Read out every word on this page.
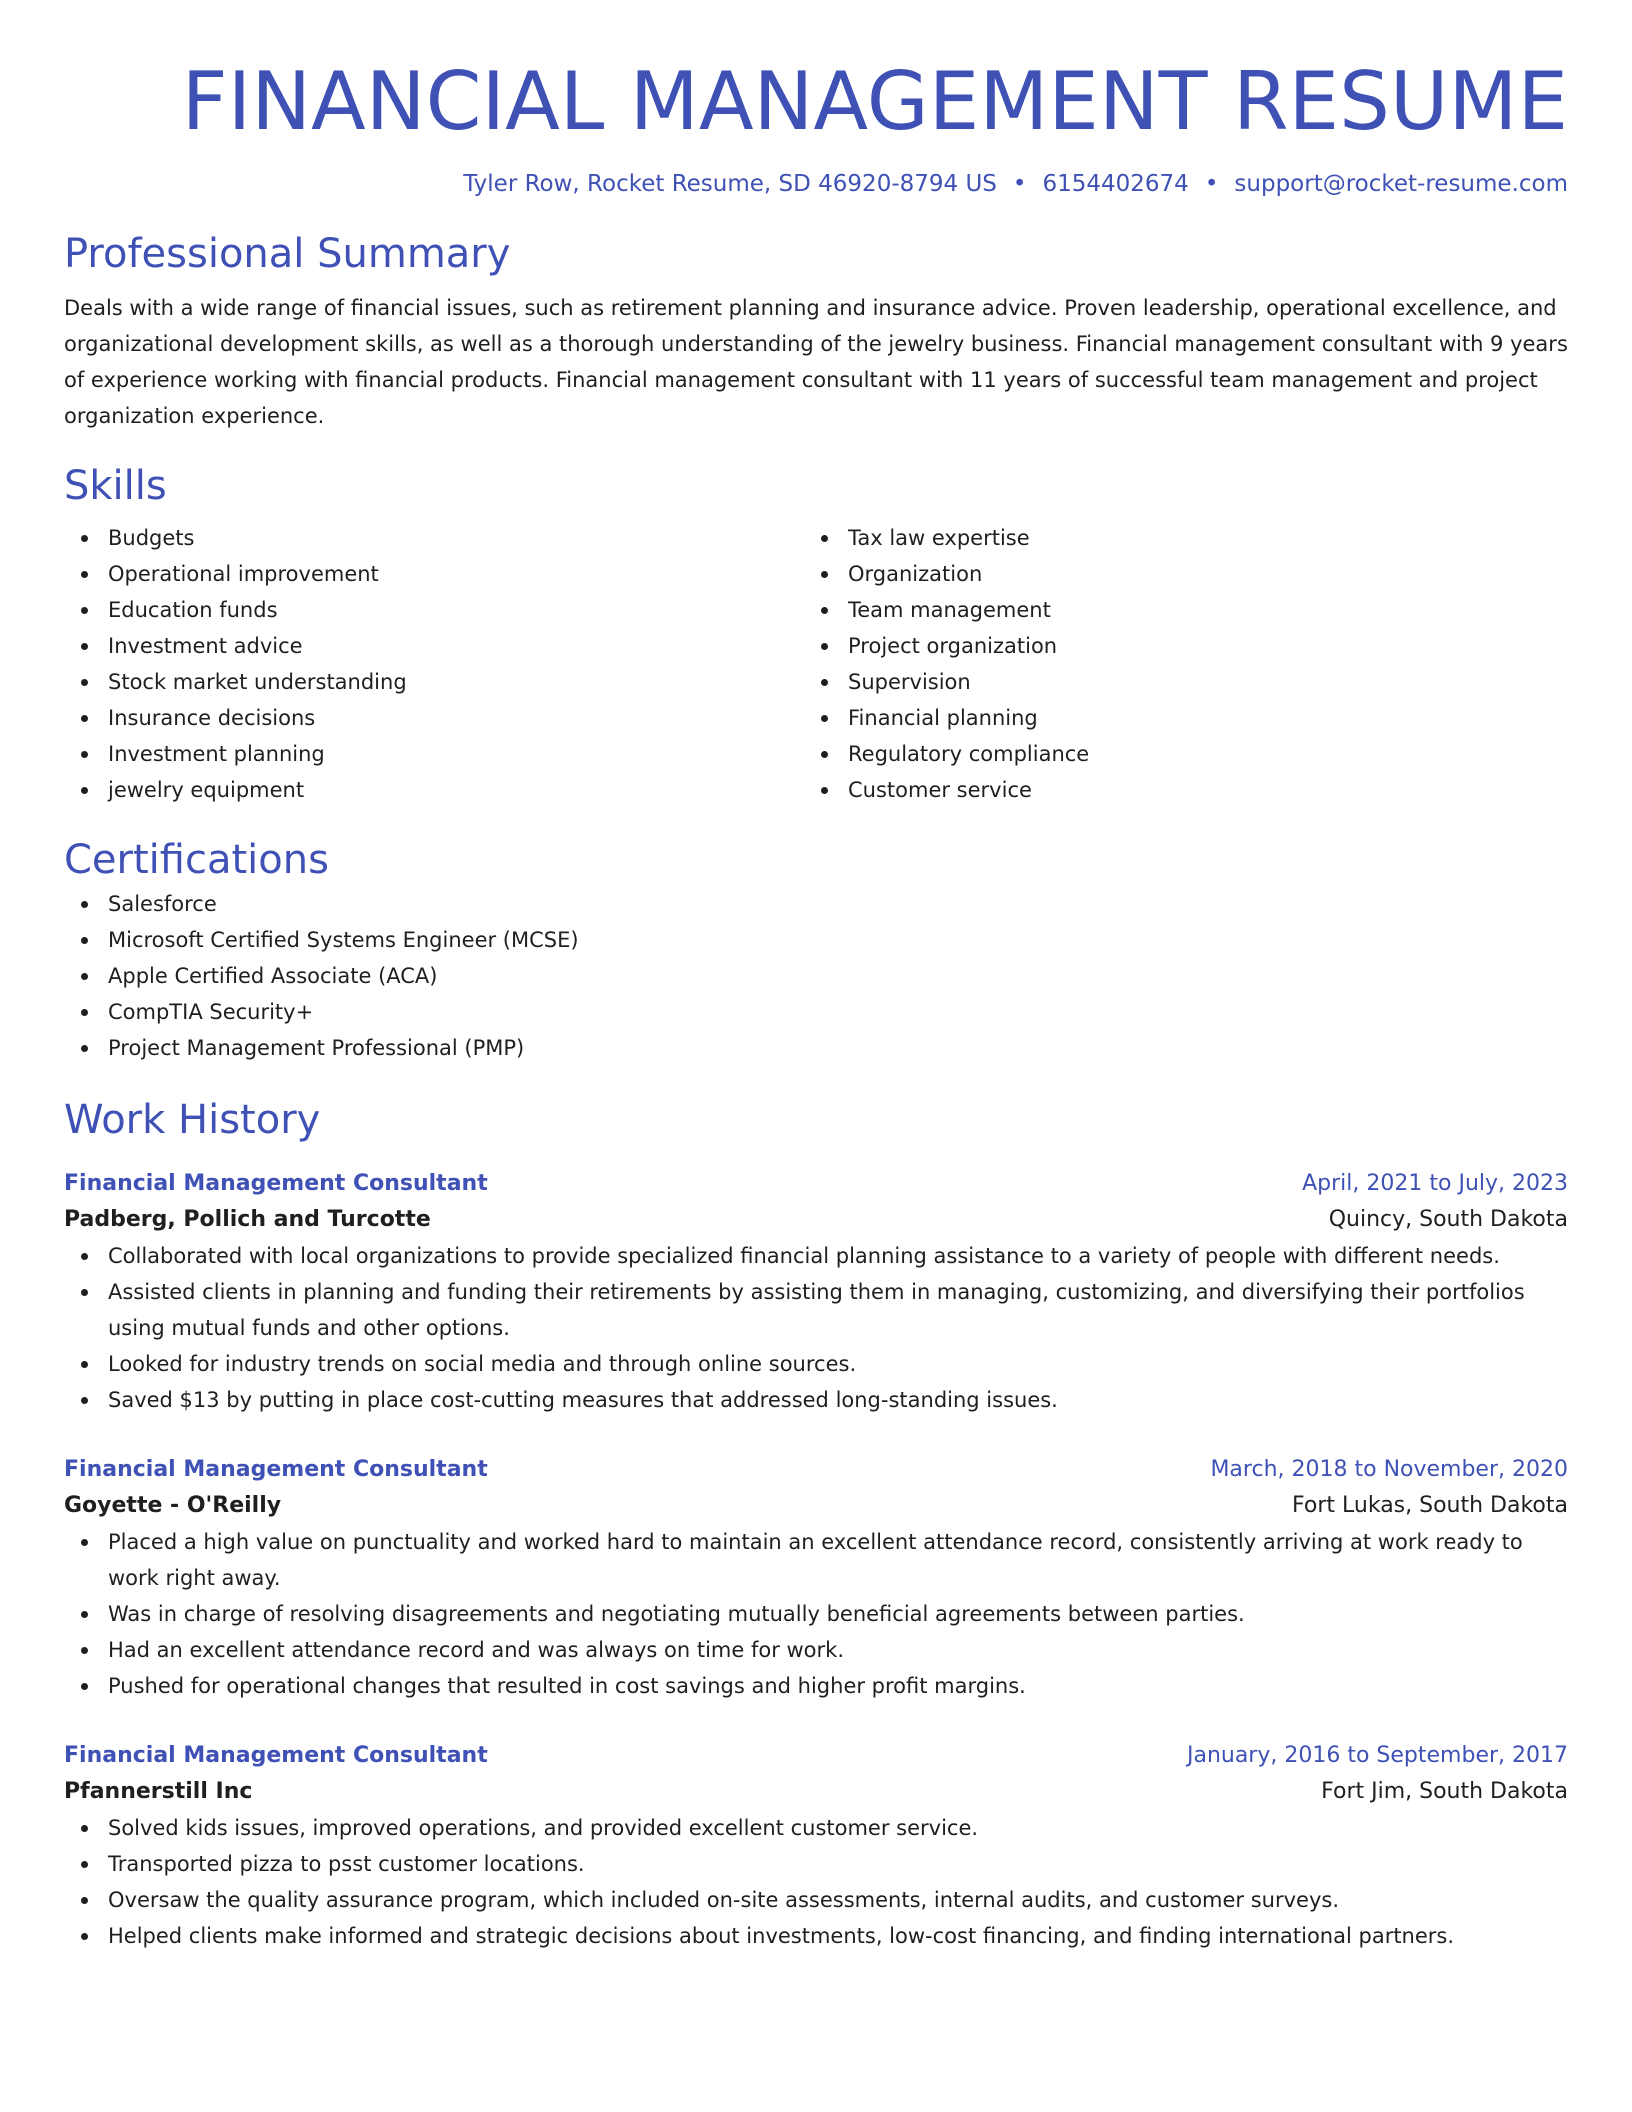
FINANCIAL MANAGEMENT RESUME
Tyler Row, Rocket Resume, SD 46920-8794 US • 6154402674 • support@rocket-resume.com
Professional Summary
Deals with a wide range of financial issues, such as retirement planning and insurance advice. Proven leadership, operational excellence, and organizational development skills, as well as a thorough understanding of the jewelry business. Financial management consultant with 9 years of experience working with financial products. Financial management consultant with 11 years of successful team management and project organization experience.
Skills
Budgets
Operational improvement
Education funds
Investment advice
Stock market understanding
Insurance decisions
Investment planning
jewelry equipment
Tax law expertise
Organization
Team management
Project organization
Supervision
Financial planning
Regulatory compliance
Customer service
Certifications
Salesforce
Microsoft Certified Systems Engineer (MCSE)
Apple Certified Associate (ACA)
CompTIA Security+
Project Management Professional (PMP)
Work History
Financial Management Consultant	April, 2021 to July, 2023
Padberg, Pollich and Turcotte	Quincy, South Dakota
Collaborated with local organizations to provide specialized financial planning assistance to a variety of people with different needs.
Assisted clients in planning and funding their retirements by assisting them in managing, customizing, and diversifying their portfolios using mutual funds and other options.
Looked for industry trends on social media and through online sources.
Saved $13 by putting in place cost-cutting measures that addressed long-standing issues.
Financial Management Consultant	March, 2018 to November, 2020
Goyette - O'Reilly	Fort Lukas, South Dakota
Placed a high value on punctuality and worked hard to maintain an excellent attendance record, consistently arriving at work ready to work right away.
Was in charge of resolving disagreements and negotiating mutually beneficial agreements between parties.
Had an excellent attendance record and was always on time for work.
Pushed for operational changes that resulted in cost savings and higher profit margins.
Financial Management Consultant	January, 2016 to September, 2017
Pfannerstill Inc	Fort Jim, South Dakota
Solved kids issues, improved operations, and provided excellent customer service.
Transported pizza to psst customer locations.
Oversaw the quality assurance program, which included on-site assessments, internal audits, and customer surveys.
Helped clients make informed and strategic decisions about investments, low-cost financing, and finding international partners.
